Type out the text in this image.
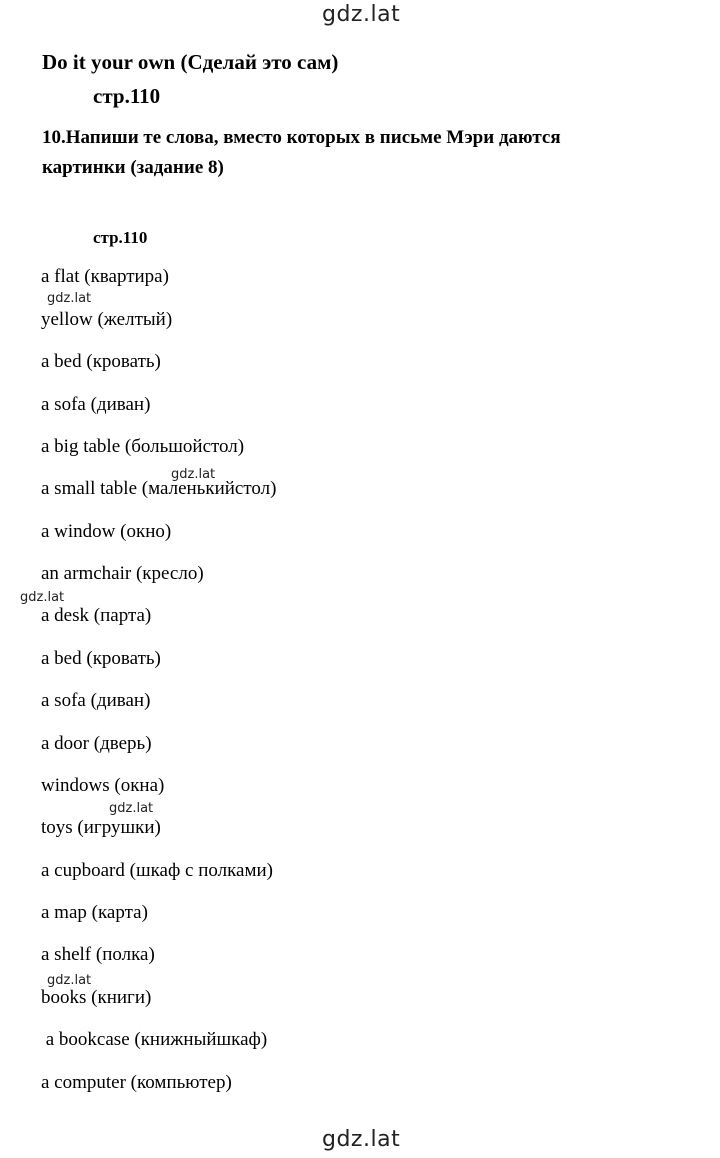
gdz.lat
gdz.lat
gdz.lat
gdz.lat
gdz.lat
gdz.lat
gdz.lat
Do it your own (Сделай это сам)
стр.110
10.Напиши те слова, вместо которых в письме Мэри даются
картинки (задание 8)
стр.110
a flat (квартира)
yellow (желтый)
a bed (кровать)
a sofa (диван)
a big table (большойстол)
a small table (маленькийстол)
a window (окно)
an armchair (кресло)
a desk (парта)
a bed (кровать)
a sofa (диван)
a door (дверь)
windows (окна)
toys (игрушки)
a cupboard (шкаф с полками)
a map (карта)
a shelf (полка)
books (книги)
a bookcase (книжныйшкаф)
a computer (компьютер)
